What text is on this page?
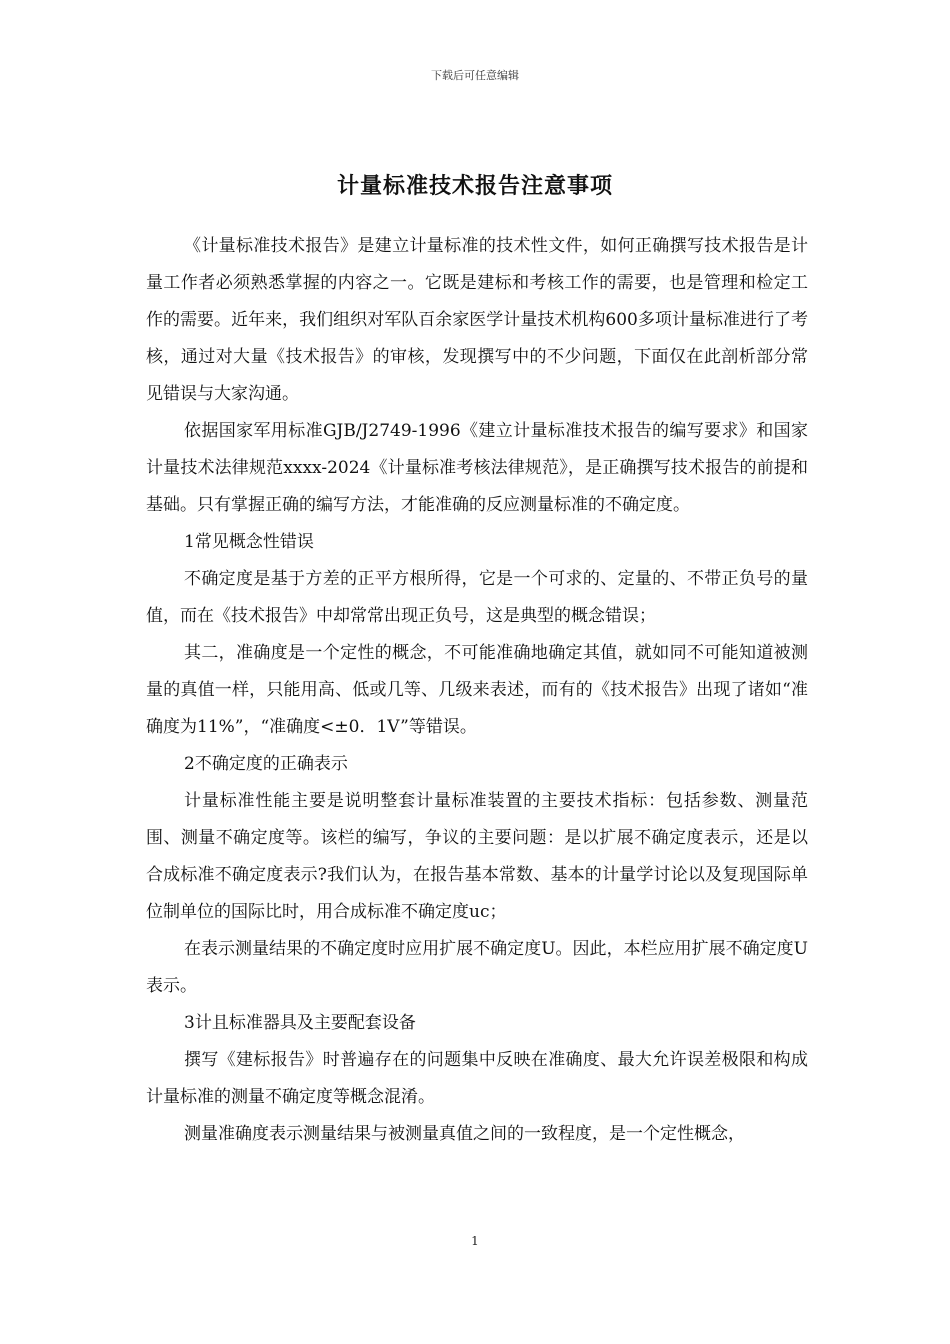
下载后可任意编辑
计量标准技术报告注意事项

《计量标准技术报告》是建立计量标准的技术性文件，如何正确撰写技术报告是计量工作者必须熟悉掌握的内容之一。它既是建标和考核工作的需要，也是管理和检定工作的需要。近年来，我们组织对军队百余家医学计量技术机构600多项计量标准进行了考核，通过对大量《技术报告》的审核，发现撰写中的不少问题，下面仅在此剖析部分常见错误与大家沟通。

依据国家军用标准GJB/J2749-1996《建立计量标准技术报告的编写要求》和国家计量技术法律规范xxxx-2024《计量标准考核法律规范》，是正确撰写技术报告的前提和基础。只有掌握正确的编写方法，才能准确的反应测量标准的不确定度。

1常见概念性错误

不确定度是基于方差的正平方根所得，它是一个可求的、定量的、不带正负号的量值，而在《技术报告》中却常常出现正负号，这是典型的概念错误；

其二，准确度是一个定性的概念，不可能准确地确定其值，就如同不可能知道被测量的真值一样，只能用高、低或几等、几级来表述，而有的《技术报告》出现了诸如“准确度为11%”，“准确度<±0．1V”等错误。

2不确定度的正确表示

计量标准性能主要是说明整套计量标准装置的主要技术指标：包括参数、测量范围、测量不确定度等。该栏的编写，争议的主要问题：是以扩展不确定度表示，还是以合成标准不确定度表示?我们认为，在报告基本常数、基本的计量学讨论以及复现国际单位制单位的国际比时，用合成标准不确定度uc；

在表示测量结果的不确定度时应用扩展不确定度U。因此，本栏应用扩展不确定度U表示。

3计且标准器具及主要配套设备

撰写《建标报告》时普遍存在的问题集中反映在准确度、最大允许误差极限和构成计量标准的测量不确定度等概念混淆。

测量准确度表示测量结果与被测量真值之间的一致程度，是一个定性概念，

1
